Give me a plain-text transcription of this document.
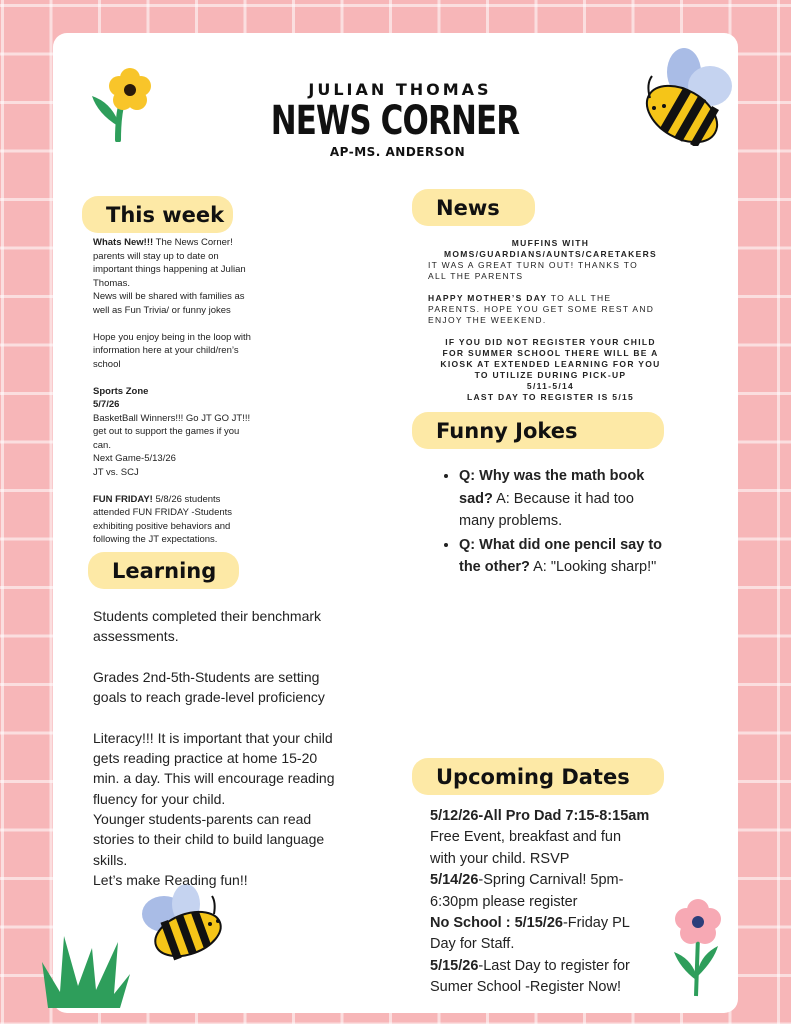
JULIAN THOMAS
NEWS CORNER
AP-MS. ANDERSON
This week

Whats New!!! The News Corner!

parents will stay up to date on

important things happening at Julian

Thomas.

News will be shared with families as

well as Fun Trivia/ or funny jokes

Hope you enjoy being in the loop with

information here at your child/ren’s

school

Sports Zone

5/7/26

BasketBall Winners!!! Go JT GO JT!!!

get out to support the games if you

can.

Next Game-5/13/26

JT vs. SCJ

FUN FRIDAY! 5/8/26 students

attended FUN FRIDAY -Students

exhibiting positive behaviors and

following the JT expectations.

Learning

Students completed their benchmark

assessments.

Grades 2nd-5th-Students are setting

goals to reach grade-level proficiency

Literacy!!! It is important that your child

gets reading practice at home 15-20

min. a day. This will encourage reading

fluency for your child.

Younger students-parents can read

stories to their child to build language

skills.

Let’s make Reading fun!!

News

MUFFINS WITH

MOMS/GUARDIANS/AUNTS/CARETAKERS

IT WAS A GREAT TURN OUT! THANKS TO

ALL THE PARENTS

HAPPY MOTHER’S DAY TO ALL THE

PARENTS. HOPE YOU GET SOME REST AND

ENJOY THE WEEKEND.

IF YOU DID NOT REGISTER YOUR CHILD

FOR SUMMER SCHOOL THERE WILL BE A

KIOSK AT EXTENDED LEARNING FOR YOU

TO UTILIZE DURING PICK-UP

5/11-5/14

LAST DAY TO REGISTER IS 5/15

Funny Jokes
• Q: Why was the math book
sad? A: Because it had too
many problems.
• Q: What did one pencil say to
the other? A: "Looking sharp!"
Upcoming Dates

5/12/26-All Pro Dad 7:15-8:15am

Free Event, breakfast and fun

with your child. RSVP

5/14/26-Spring Carnival! 5pm-

6:30pm please register

No School : 5/15/26-Friday PL

Day for Staff.

5/15/26-Last Day to register for

Sumer School -Register Now!
